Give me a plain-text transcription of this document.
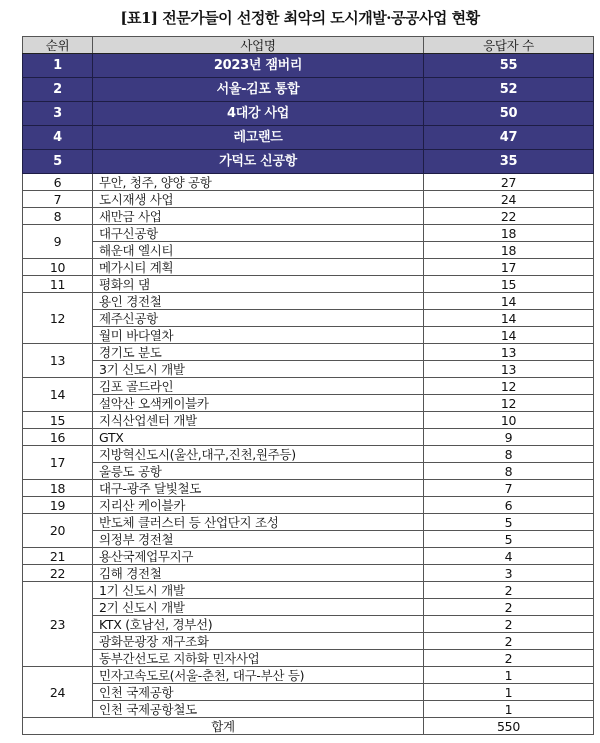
[표1] 전문가들이 선정한 최악의 도시개발·공공사업 현황
순위	사업명	응답자 수
1	2023년 잼버리	55
2	서울-김포 통합	52
3	4대강 사업	50
4	레고랜드	47
5	가덕도 신공항	35
6	무안, 청주, 양양 공항	27
7	도시재생 사업	24
8	새만금 사업	22
9	대구신공항	18
	해운대 엘시티	18
10	메가시티 계획	17
11	평화의 댐	15
12	용인 경전철	14
	제주신공항	14
	월미 바다열차	14
13	경기도 분도	13
	3기 신도시 개발	13
14	김포 골드라인	12
	설악산 오색케이블카	12
15	지식산업센터 개발	10
16	GTX	9
17	지방혁신도시(울산,대구,진천,원주등)	8
	울릉도 공항	8
18	대구-광주 달빛철도	7
19	지리산 케이블카	6
20	반도체 클러스터 등 산업단지 조성	5
	의정부 경전철	5
21	용산국제업무지구	4
22	김해 경전철	3
23	1기 신도시 개발	2
	2기 신도시 개발	2
	KTX (호남선, 경부선)	2
	광화문광장 재구조화	2
	동부간선도로 지하화 민자사업	2
24	민자고속도로(서울-춘천, 대구-부산 등)	1
	인천 국제공항	1
	인천 국제공항철도	1
합계		550
